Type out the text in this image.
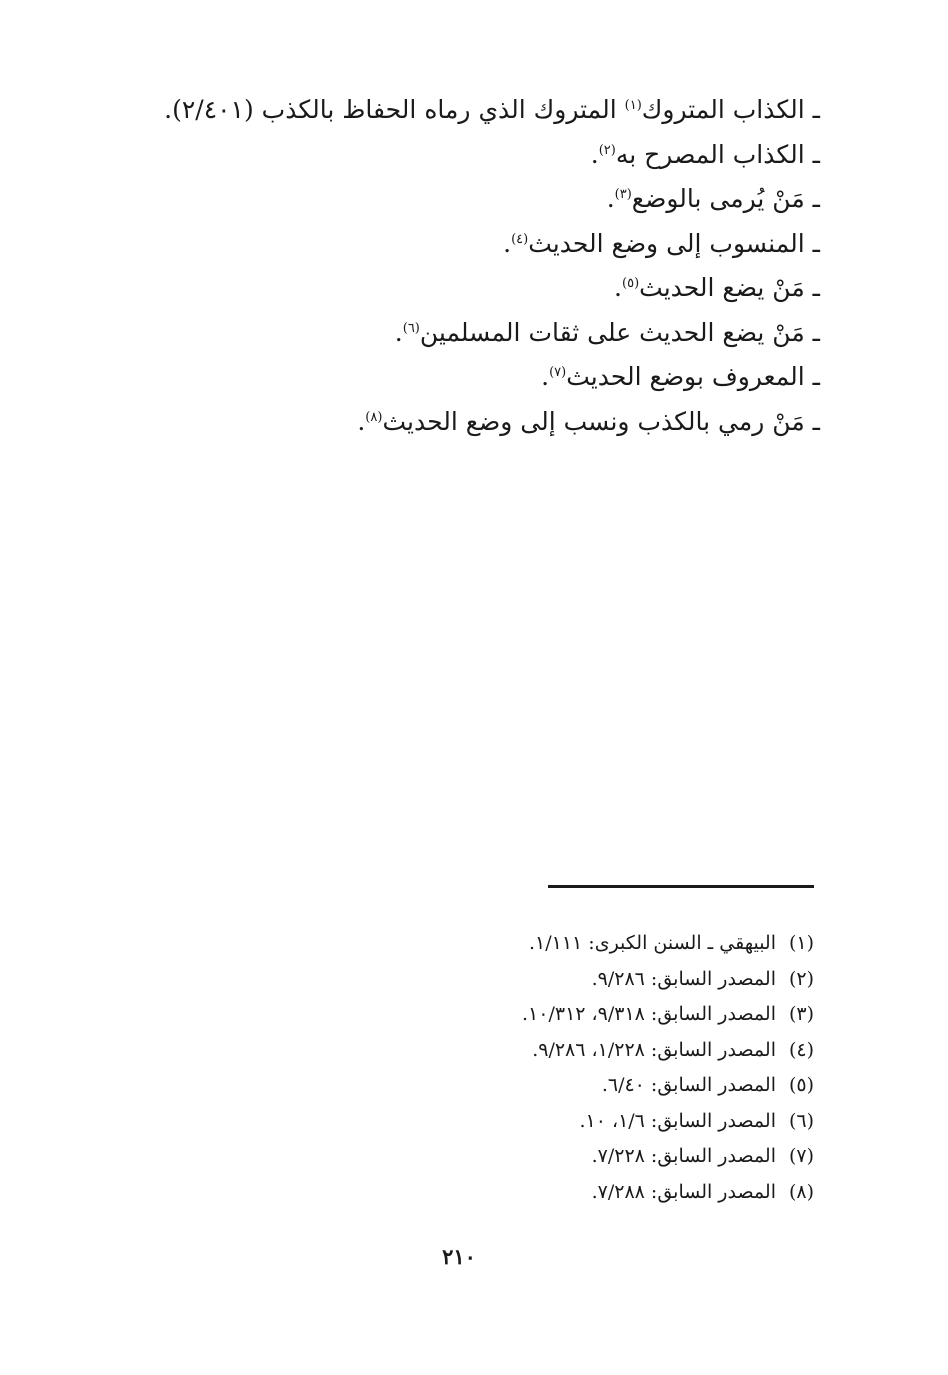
ـ الكذاب المتروك$^{(١)}$ المتروك الذي رماه الحفاظ بالكذب (٢/٤٠١).
ـ الكذاب المصرح به$^{(٢)}$.
ـ مَنْ يُرمى بالوضع$^{(٣)}$.
ـ المنسوب إلى وضع الحديث$^{(٤)}$.
ـ مَنْ يضع الحديث$^{(٥)}$.
ـ مَنْ يضع الحديث على ثقات المسلمين$^{(٦)}$.
ـ المعروف بوضع الحديث$^{(٧)}$.
ـ مَنْ رمي بالكذب ونسب إلى وضع الحديث$^{(٨)}$.
(١)البيهقي ـ السنن الكبرى: ١/١١١.
(٢)المصدر السابق: ٩/٢٨٦.
(٣)المصدر السابق: ٩/٣١٨، ١٠/٣١٢.
(٤)المصدر السابق: ١/٢٢٨، ٩/٢٨٦.
(٥)المصدر السابق: ٦/٤٠.
(٦)المصدر السابق: ١/٦، ١٠.
(٧)المصدر السابق: ٧/٢٢٨.
(٨)المصدر السابق: ٧/٢٨٨.
٢١٠
